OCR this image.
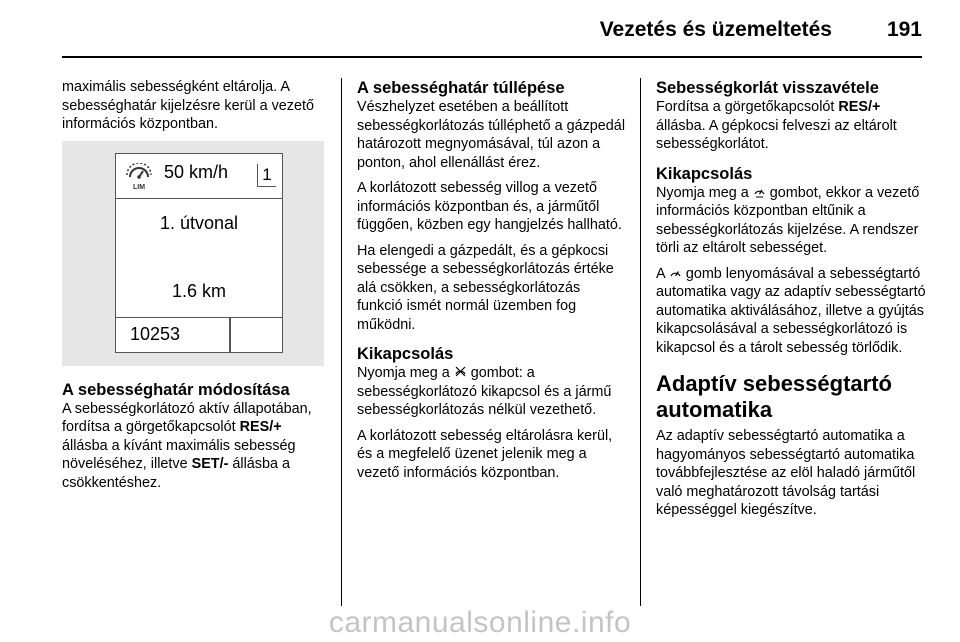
Vezetés és üzemeltetés	191

maximális sebességként eltárolja. A sebességhatár kijelzésre kerül a vezető információs központban.

LIM
50 km/h	1
1. útvonal
1.6 km
10253
A sebességhatár módosítása

A sebességkorlátozó aktív állapotában, fordítsa a görgetőkapcsolót RES/+ állásba a kívánt maximális sebesség növeléséhez, illetve SET/- állásba a csökkentéshez.

A sebességhatár túllépése

Vészhelyzet esetében a beállított sebességkorlátozás túlléphető a gázpedál határozott megnyomásával, túl azon a ponton, ahol ellenállást érez.

A korlátozott sebesség villog a vezető információs központban és, a járműtől függően, közben egy hangjelzés hallható.

Ha elengedi a gázpedált, és a gépkocsi sebessége a sebességkorlátozás értéke alá csökken, a sebességkorlátozás funkció ismét normál üzemben fog működni.

Kikapcsolás

Nyomja meg a gombot: a sebességkorlátozó kikapcsol és a jármű sebességkorlátozás nélkül vezethető.

A korlátozott sebesség eltárolásra kerül, és a megfelelő üzenet jelenik meg a vezető információs központban.

Sebességkorlát visszavétele

Fordítsa a görgetőkapcsolót RES/+ állásba. A gépkocsi felveszi az eltárolt sebességkorlátot.

Kikapcsolás

Nyomja meg a gombot, ekkor a vezető információs központban eltűnik a sebességkorlátozás kijelzése. A rendszer törli az eltárolt sebességet.

A gomb lenyomásával a sebességtartó automatika vagy az adaptív sebességtartó automatika aktiválásához, illetve a gyújtás kikapcsolásával a sebességkorlátozó is kikapcsol és a tárolt sebesség törlődik.

Adaptív sebességtartó automatika

Az adaptív sebességtartó automatika a hagyományos sebességtartó automatika továbbfejlesztése az elöl haladó járműtől való meghatározott távolság tartási képességgel kiegészítve.

carmanualsonline.info
